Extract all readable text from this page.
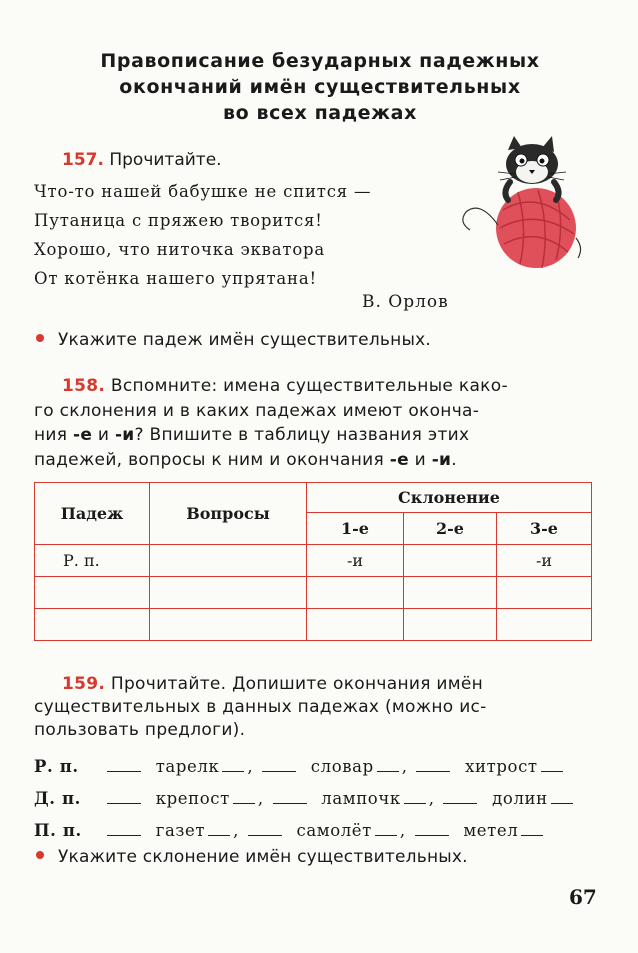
Правописание безударных падежных
окончаний имён существительных
во всех падежах
157. Прочитайте.
Что-то нашей бабушке не спится —
Путаница с пряжею творится!
Хорошо, что ниточка экватора
От котёнка нашего упрятана!
В. Орлов
Укажите падеж имён существительных.
158. Вспомните: имена существительные како-
го склонения и в каких падежах имеют оконча-
ния -е и -и? Впишите в таблицу названия этих
падежей, вопросы к ним и окончания -е и -и.
Падеж	Вопросы	Склонение		
		1-е	2-е	3-е
Р. п.		-и		-и

159. Прочитайте. Допишите окончания имён
существительных в данных падежах (можно ис-
пользовать предлоги).
Р. п.	тарелк ,	словар ,	хитрост
Д. п.	крепост ,	лампочк ,	долин
П. п.	газет ,	самолёт ,	метел
Укажите склонение имён существительных.
67
